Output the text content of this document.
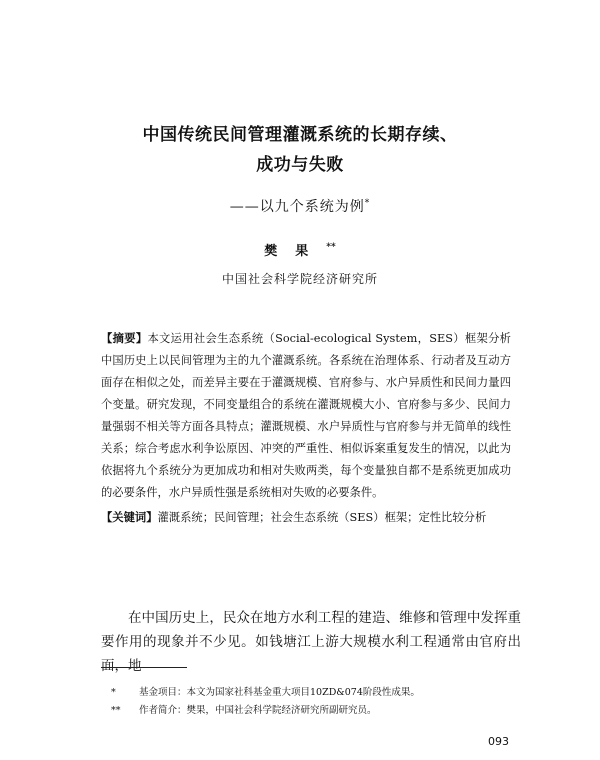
中国传统民间管理灌溉系统的长期存续、
成功与失败
——以九个系统为例*
樊果**
中国社会科学院经济研究所

【摘要】本文运用社会生态系统（Social-ecological System，SES）框架分析中国历史上以民间管理为主的九个灌溉系统。各系统在治理体系、行动者及互动方面存在相似之处，而差异主要在于灌溉规模、官府参与、水户异质性和民间力量四个变量。研究发现，不同变量组合的系统在灌溉规模大小、官府参与多少、民间力量强弱不相关等方面各具特点；灌溉规模、水户异质性与官府参与并无简单的线性关系；综合考虑水利争讼原因、冲突的严重性、相似诉案重复发生的情况，以此为依据将九个系统分为更加成功和相对失败两类，每个变量独自都不是系统更加成功的必要条件，水户异质性强是系统相对失败的必要条件。

【关键词】灌溉系统；民间管理；社会生态系统（SES）框架；定性比较分析

在中国历史上，民众在地方水利工程的建造、维修和管理中发挥重要作用的现象并不少见。如钱塘江上游大规模水利工程通常由官府出面，地

*	基金项目：本文为国家社科基金重大项目10ZD&074阶段性成果。
**	作者简介：樊果，中国社会科学院经济研究所副研究员。
093
